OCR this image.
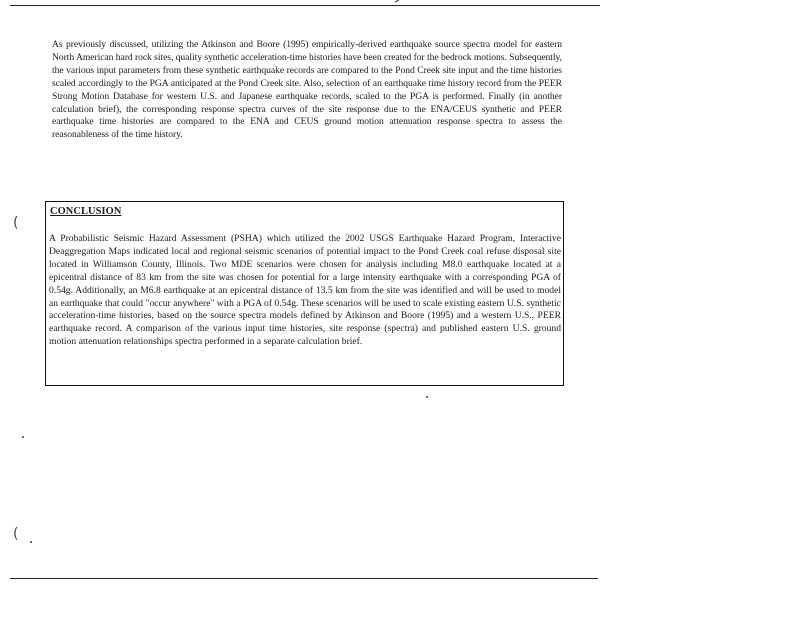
As previously discussed, utilizing the Atkinson and Boore (1995) empirically-derived earthquake source spectra model for eastern North American hard rock sites, quality synthetic acceleration-time histories have been created for the bedrock motions. Subsequently, the various input parameters from these synthetic earthquake records are compared to the Pond Creek site input and the time histories scaled accordingly to the PGA anticipated at the Pond Creek site. Also, selection of an earthquake time history record from the PEER Strong Motion Database for western U.S. and Japanese earthquake records, scaled to the PGA is performed. Finally (in another calculation brief), the corresponding response spectra curves of the site response due to the ENA/CEUS synthetic and PEER earthquake time histories are compared to the ENA and CEUS ground motion attenuation response spectra to assess the reasonableness of the time history.

(
CONCLUSION

A Probabilistic Seismic Hazard Assessment (PSHA) which utilized the 2002 USGS Earthquake Hazard Program, Interactive Deaggregation Maps indicated local and regional seismic scenarios of potential impact to the Pond Creek coal refuse disposal site located in Williamson County, Illinois. Two MDE scenarios were chosen for analysis including M8.0 earthquake located at a epicentral distance of 83 km from the site was chosen for potential for a large intensity earthquake with a corresponding PGA of 0.54g. Additionally, an M6.8 earthquake at an epicentral distance of 13.5 km from the site was identified and will be used to model an earthquake that could "occur anywhere" with a PGA of 0.54g. These scenarios will be used to scale existing eastern U.S. synthetic acceleration-time histories, based on the source spectra models defined by Atkinson and Boore (1995) and a western U.S., PEER earthquake record. A comparison of the various input time histories, site response (spectra) and published eastern U.S. ground motion attenuation relationships spectra performed in a separate calculation brief.

(
